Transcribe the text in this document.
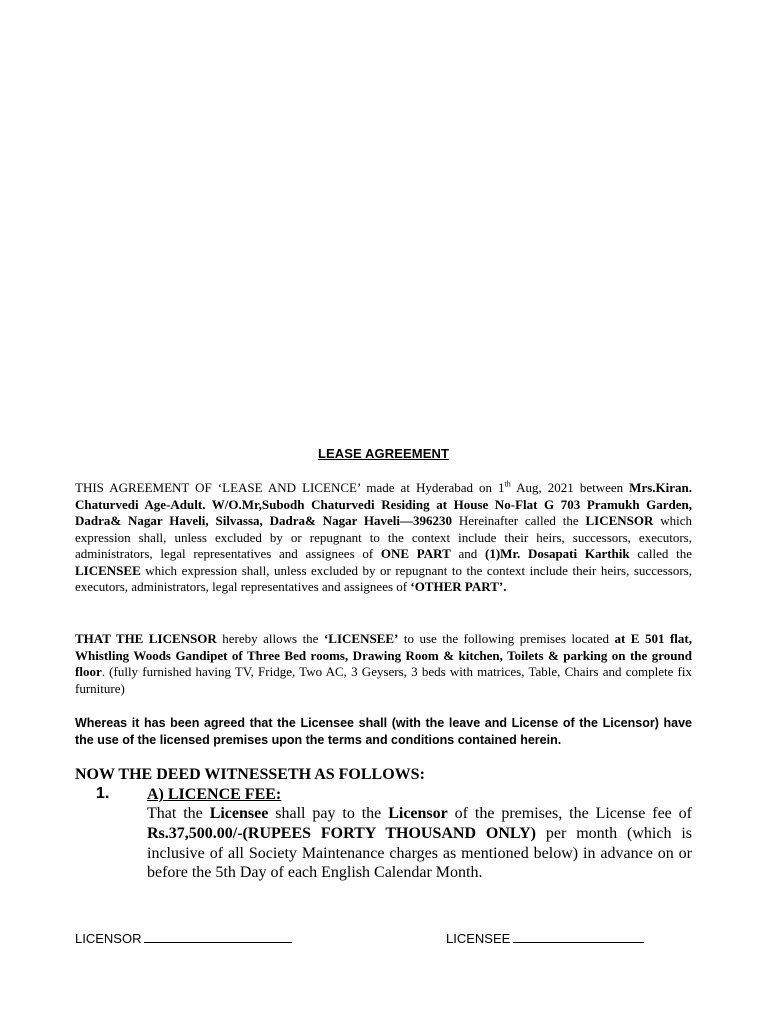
LEASE AGREEMENT

THIS AGREEMENT OF ‘LEASE AND LICENCE’ made at Hyderabad on 1th Aug, 2021 between Mrs.Kiran. Chaturvedi Age-Adult. W/O.Mr,Subodh Chaturvedi Residing at House No-Flat G 703 Pramukh Garden, Dadra& Nagar Haveli, Silvassa, Dadra& Nagar Haveli—396230 Hereinafter called the LICENSOR which expression shall, unless excluded by or repugnant to the context include their heirs, successors, executors, administrators, legal representatives and assignees of ONE PART and (1)Mr. Dosapati Karthik called the LICENSEE which expression shall, unless excluded by or repugnant to the context include their heirs, successors, executors, administrators, legal representatives and assignees of ‘OTHER PART’.

THAT THE LICENSOR hereby allows the ‘LICENSEE’ to use the following premises located at E 501 flat, Whistling Woods Gandipet of Three Bed rooms, Drawing Room & kitchen, Toilets & parking on the ground floor. (fully furnished having TV, Fridge, Two AC, 3 Geysers, 3 beds with matrices, Table, Chairs and complete fix furniture)

Whereas it has been agreed that the Licensee shall (with the leave and License of the Licensor) have the use of the licensed premises upon the terms and conditions contained herein.

NOW THE DEED WITNESSETH AS FOLLOWS:

1. A) LICENCE FEE:

That the Licensee shall pay to the Licensor of the premises, the License fee of Rs.37,500.00/-(RUPEES FORTY THOUSAND ONLY) per month (which is inclusive of all Society Maintenance charges as mentioned below) in advance on or before the 5th Day of each English Calendar Month.

LICENSOR	LICENSEE
